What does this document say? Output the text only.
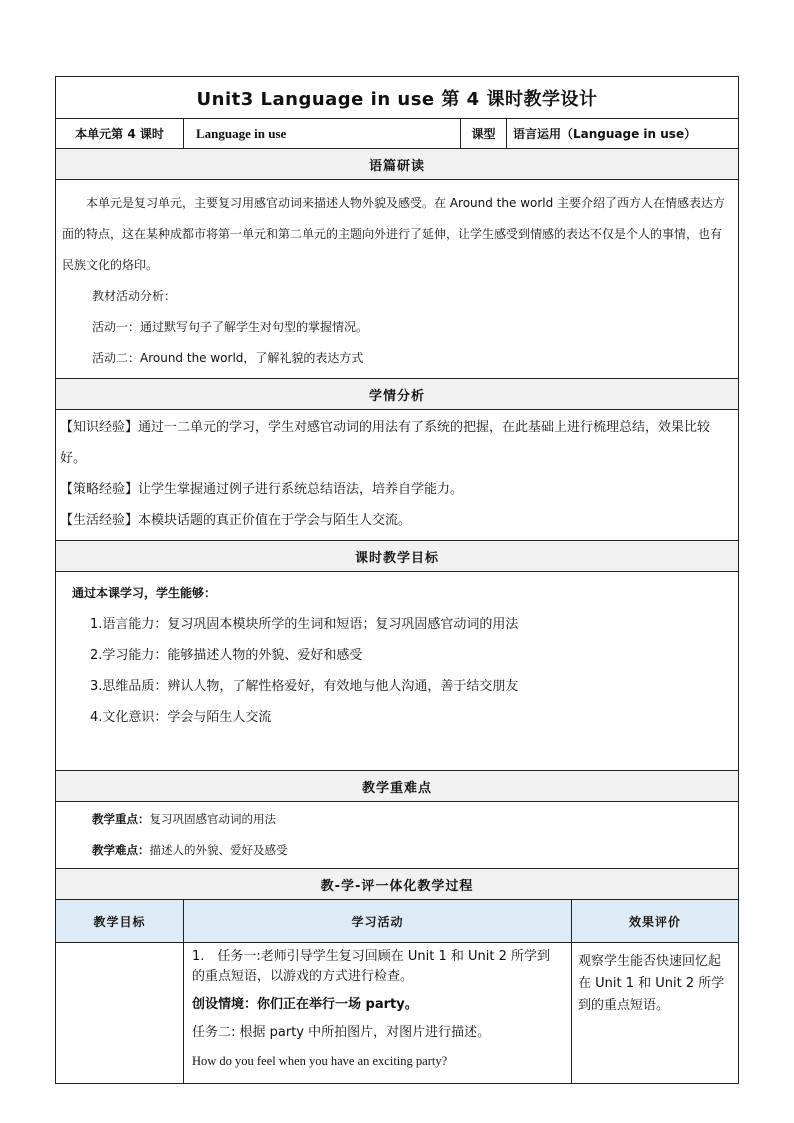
Unit3 Language in use 第 4 课时教学设计				
本单元第 4 课时	Language in use	课型	语言运用（Language in use）	
语篇研读				

本单元是复习单元，主要复习用感官动词来描述人物外貌及感受。在 Around the world 主要介绍了西方人在情感表达方面的特点，这在某种成都市将第一单元和第二单元的主题向外进行了延伸，让学生感受到情感的表达不仅是个人的事情，也有民族文化的烙印。

教材活动分析：

活动一：通过默写句子了解学生对句型的掌握情况。

活动二：Around the world，了解礼貌的表达方式				

学情分析				

【知识经验】通过一二单元的学习，学生对感官动词的用法有了系统的把握，在此基础上进行梳理总结，效果比较好。

【策略经验】让学生掌握通过例子进行系统总结语法，培养自学能力。

【生活经验】本模块话题的真正价值在于学会与陌生人交流。				

课时教学目标				

通过本课学习，学生能够：

1.语言能力：复习巩固本模块所学的生词和短语；复习巩固感官动词的用法

2.学习能力：能够描述人物的外貌、爱好和感受

3.思维品质：辨认人物，了解性格爱好，有效地与他人沟通，善于结交朋友

4.文化意识：学会与陌生人交流				

教学重难点				

教学重点：复习巩固感官动词的用法

教学难点：描述人的外貌、爱好及感受				

教-学-评一体化教学过程				
教学目标	学习活动			效果评价

	1.　任务一:老师引导学生复习回顾在 Unit 1 和 Unit 2 所学到的重点短语，以游戏的方式进行检查。

创设情境：你们正在举行一场 party。

任务二: 根据 party 中所拍图片，对图片进行描述。

How do you feel when you have an exciting party?			观察学生能否快速回忆起在 Unit 1 和 Unit 2 所学到的重点短语。
